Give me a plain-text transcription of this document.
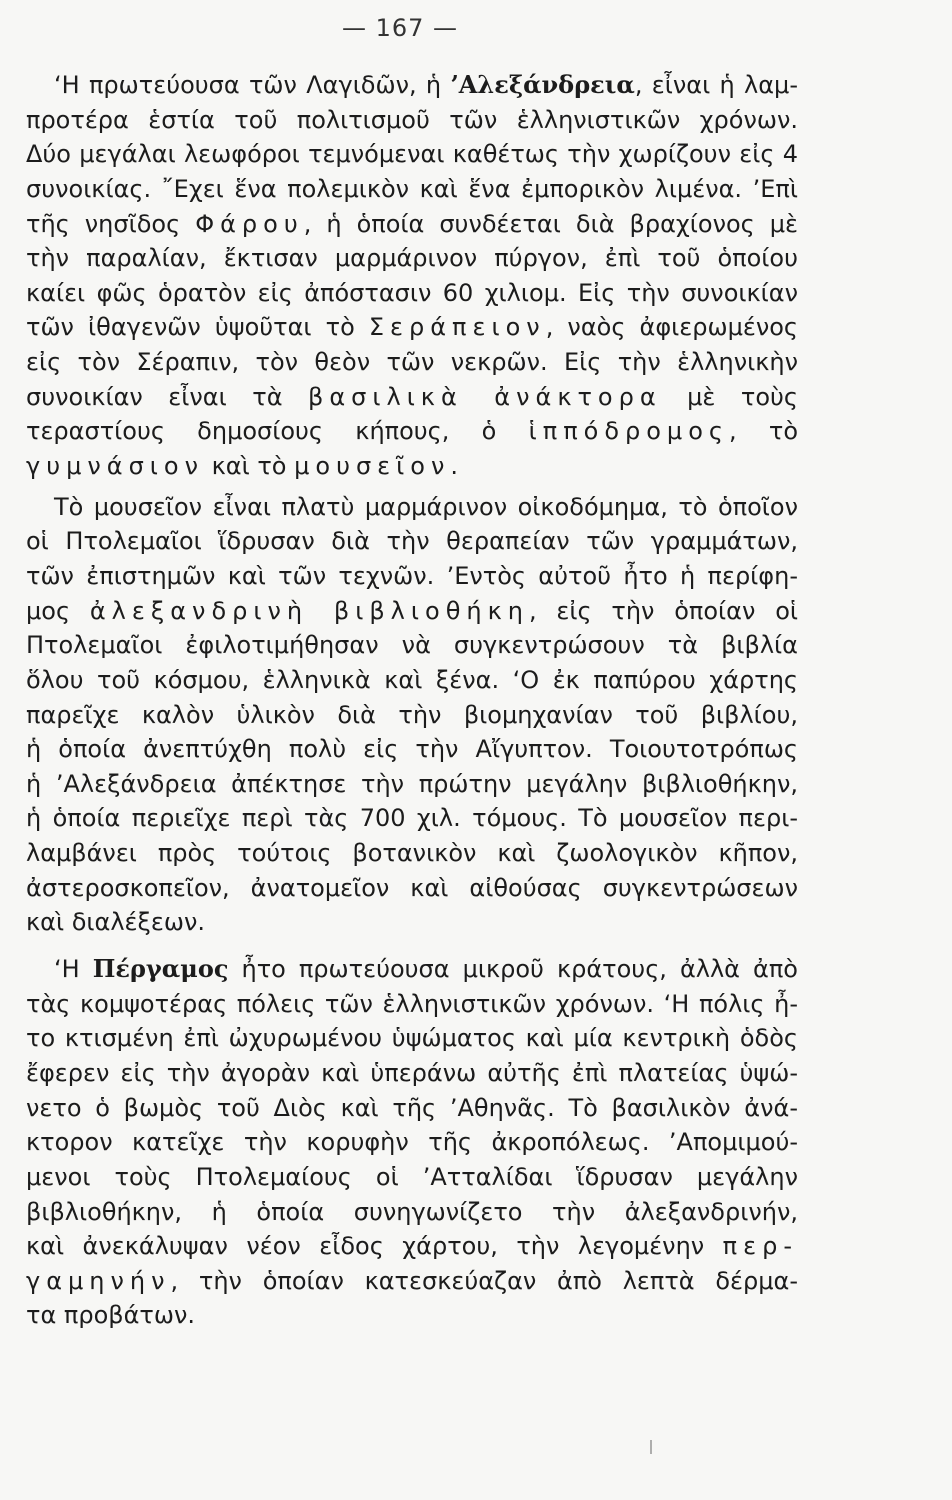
— 167 —
‘Η πρωτεύουσα τῶν Λαγιδῶν, ἡ ’Αλεξάνδρεια, εἶναι ἡ λαμ-
προτέρα ἑστία τοῦ πολιτισμοῦ τῶν ἑλληνιστικῶν χρόνων.
Δύο μεγάλαι λεωφόροι τεμνόμεναι καθέτως τὴν χωρίζουν εἰς 4
συνοικίας. ῎Εχει ἕνα πολεμικὸν καὶ ἕνα ἐμπορικὸν λιμένα. ’Επὶ
τῆς νησῖδος Φάρου, ἡ ὁποία συνδέεται διὰ βραχίονος μὲ
τὴν παραλίαν, ἔκτισαν μαρμάρινον πύργον, ἐπὶ τοῦ ὁποίου
καίει φῶς ὁρατὸν εἰς ἀπόστασιν 60 χιλιομ. Εἰς τὴν συνοικίαν
τῶν ἰθαγενῶν ὑψοῦται τὸ Σεράπειον, ναὸς ἀφιερωμένος
εἰς τὸν Σέραπιν, τὸν θεὸν τῶν νεκρῶν. Εἰς τὴν ἑλληνικὴν
συνοικίαν εἶναι τὰ βασιλικὰ ἀνάκτορα μὲ τοὺς
τεραστίους δημοσίους κήπους, ὁ ἱππόδρομος, τὸ
γυμνάσιον καὶ τὸ μουσεῖον.
Τὸ μουσεῖον εἶναι πλατὺ μαρμάρινον οἰκοδόμημα, τὸ ὁποῖον
οἱ Πτολεμαῖοι ἵδρυσαν διὰ τὴν θεραπείαν τῶν γραμμάτων,
τῶν ἐπιστημῶν καὶ τῶν τεχνῶν. ’Εντὸς αὐτοῦ ἦτο ἡ περίφη-
μος ἀλεξανδρινὴ βιβλιοθήκη, εἰς τὴν ὁποίαν οἱ
Πτολεμαῖοι ἐφιλοτιμήθησαν νὰ συγκεντρώσουν τὰ βιβλία
ὅλου τοῦ κόσμου, ἑλληνικὰ καὶ ξένα. ‘Ο ἐκ παπύρου χάρτης
παρεῖχε καλὸν ὑλικὸν διὰ τὴν βιομηχανίαν τοῦ βιβλίου,
ἡ ὁποία ἀνεπτύχθη πολὺ εἰς τὴν Αἴγυπτον. Τοιουτοτρόπως
ἡ ’Αλεξάνδρεια ἀπέκτησε τὴν πρώτην μεγάλην βιβλιοθήκην,
ἡ ὁποία περιεῖχε περὶ τὰς 700 χιλ. τόμους. Τὸ μουσεῖον περι-
λαμβάνει πρὸς τούτοις βοτανικὸν καὶ ζωολογικὸν κῆπον,
ἀστεροσκοπεῖον, ἀνατομεῖον καὶ αἰθούσας συγκεντρώσεων
καὶ διαλέξεων.
‘Η Πέργαμος ἦτο πρωτεύουσα μικροῦ κράτους, ἀλλὰ ἀπὸ
τὰς κομψοτέρας πόλεις τῶν ἑλληνιστικῶν χρόνων. ‘Η πόλις ἦ-
το κτισμένη ἐπὶ ὠχυρωμένου ὑψώματος καὶ μία κεντρικὴ ὁδὸς
ἔφερεν εἰς τὴν ἀγορὰν καὶ ὑπεράνω αὐτῆς ἐπὶ πλατείας ὑψώ-
νετο ὁ βωμὸς τοῦ Διὸς καὶ τῆς ’Αθηνᾶς. Τὸ βασιλικὸν ἀνά-
κτορον κατεῖχε τὴν κορυφὴν τῆς ἀκροπόλεως. ’Απομιμού-
μενοι τοὺς Πτολεμαίους οἱ ’Ατταλίδαι ἵδρυσαν μεγάλην
βιβλιοθήκην, ἡ ὁποία συνηγωνίζετο τὴν ἀλεξανδρινήν,
καὶ ἀνεκάλυψαν νέον εἶδος χάρτου, τὴν λεγομένην περ-
γαμηνήν, τὴν ὁποίαν κατεσκεύαζαν ἀπὸ λεπτὰ δέρμα-
τα προβάτων.
